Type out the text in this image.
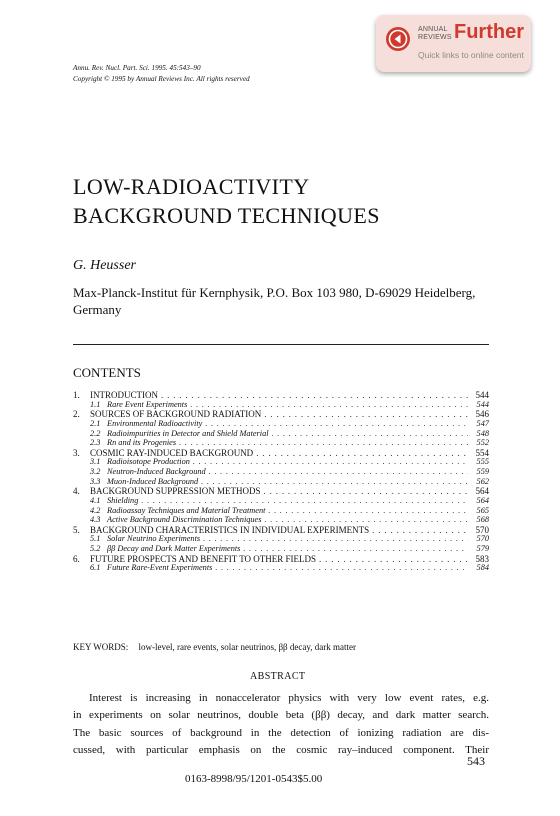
ANNUAL
REVIEWS Further
Quick links to online content
Annu. Rev. Nucl. Part. Sci. 1995. 45:543–90
Copyright © 1995 by Annual Reviews Inc. All rights reserved
LOW-RADIOACTIVITY
BACKGROUND TECHNIQUES
G. Heusser
Max-Planck-Institut für Kernphysik, P.O. Box 103 980, D-69029 Heidelberg, Germany
CONTENTS
1.	INTRODUCTION . . .	544
1.1 Rare Event Experiments . . .	544
2.	SOURCES OF BACKGROUND RADIATION . . .	546
2.1 Environmental Radioactivity . . .	547
2.2 Radioimpurities in Detector and Shield Material . . .	548
2.3 Rn and its Progenies . . .	552
3.	COSMIC RAY-INDUCED BACKGROUND . . .	554
3.1 Radioisotope Production . . .	555
3.2 Neutron-Induced Background . . .	559
3.3 Muon-Induced Background . . .	562
4.	BACKGROUND SUPPRESSION METHODS . . .	564
4.1 Shielding . . .	564
4.2 Radioassay Techniques and Material Treatment . . .	565
4.3 Active Background Discrimination Techniques . . .	568
5.	BACKGROUND CHARACTERISTICS IN INDIVIDUAL EXPERIMENTS . . .	570
5.1 Solar Neutrino Experiments . . .	570
5.2 ββ Decay and Dark Matter Experiments . . .	579
6.	FUTURE PROSPECTS AND BENEFIT TO OTHER FIELDS . . .	583
6.1 Future Rare-Event Experiments . . .	584
KEY WORDS: low-level, rare events, solar neutrinos, ββ decay, dark matter
ABSTRACT

Interest is increasing in nonaccelerator physics with very low event rates, e.g.
in experiments on solar neutrinos, double beta (ββ) decay, and dark matter search.
The basic sources of background in the detection of ionizing radiation are dis-
cussed, with particular emphasis on the cosmic ray–induced component. Their

543
0163-8998/95/1201-0543$5.00
